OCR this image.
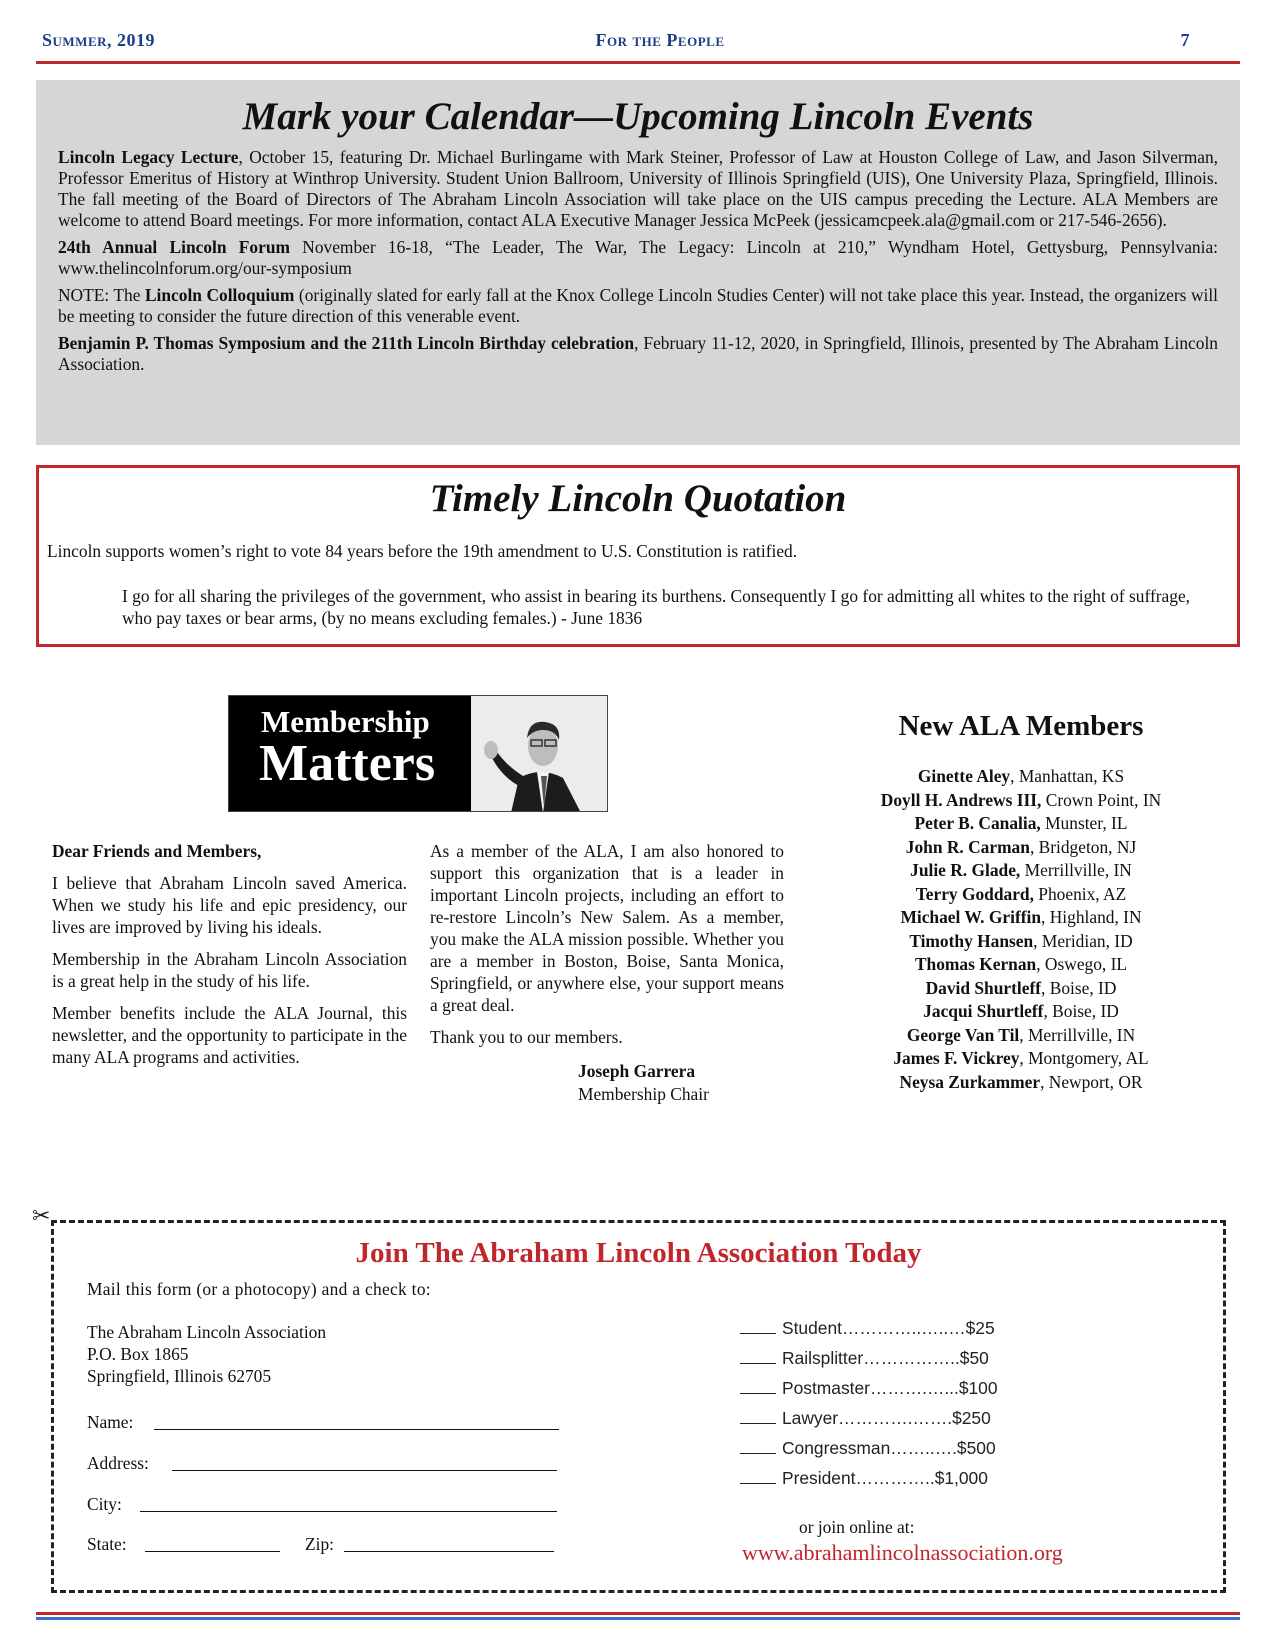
Summer, 2019	For the People	7
Mark your Calendar—Upcoming Lincoln Events

Lincoln Legacy Lecture, October 15, featuring Dr. Michael Burlingame with Mark Steiner, Professor of Law at Houston College of Law, and Jason Silverman, Professor Emeritus of History at Winthrop University. Student Union Ballroom, University of Illinois Springfield (UIS), One University Plaza, Springfield, Illinois. The fall meeting of the Board of Directors of The Abraham Lincoln Association will take place on the UIS campus preceding the Lecture. ALA Members are welcome to attend Board meetings. For more information, contact ALA Executive Manager Jessica McPeek (jessicamcpeek.ala@gmail.com or 217-546-2656).

24th Annual Lincoln Forum November 16-18, “The Leader, The War, The Legacy: Lincoln at 210,” Wyndham Hotel, Gettysburg, Pennsylvania: www.thelincolnforum.org/our-symposium

NOTE: The Lincoln Colloquium (originally slated for early fall at the Knox College Lincoln Studies Center) will not take place this year. Instead, the organizers will be meeting to consider the future direction of this venerable event.

Benjamin P. Thomas Symposium and the 211th Lincoln Birthday celebration, February 11-12, 2020, in Springfield, Illinois, presented by The Abraham Lincoln Association.

Timely Lincoln Quotation
Lincoln supports women’s right to vote 84 years before the 19th amendment to U.S. Constitution is ratified.
I go for all sharing the privileges of the government, who assist in bearing its burthens. Consequently I go for admitting all whites to the right of suffrage, who pay taxes or bear arms, (by no means excluding females.) - June 1836
Membership
Matters

Dear Friends and Members,

I believe that Abraham Lincoln saved America. When we study his life and epic presidency, our lives are improved by living his ideals.

Membership in the Abraham Lincoln Association is a great help in the study of his life.

Member benefits include the ALA Journal, this newsletter, and the opportunity to participate in the many ALA programs and activities.

As a member of the ALA, I am also honored to support this organization that is a leader in important Lincoln projects, including an effort to re-restore Lincoln’s New Salem. As a member, you make the ALA mission possible. Whether you are a member in Boston, Boise, Santa Monica, Springfield, or anywhere else, your support means a great deal.

Thank you to our members.

Joseph Garrera
Membership Chair
New ALA Members
Ginette Aley, Manhattan, KS
Doyll H. Andrews III, Crown Point, IN
Peter B. Canalia, Munster, IL
John R. Carman, Bridgeton, NJ
Julie R. Glade, Merrillville, IN
Terry Goddard, Phoenix, AZ
Michael W. Griffin, Highland, IN
Timothy Hansen, Meridian, ID
Thomas Kernan, Oswego, IL
David Shurtleff, Boise, ID
Jacqui Shurtleff, Boise, ID
George Van Til, Merrillville, IN
James F. Vickrey, Montgomery, AL
Neysa Zurkammer, Newport, OR
✂
Join The Abraham Lincoln Association Today
Mail this form (or a photocopy) and a check to:
The Abraham Lincoln Association
P.O. Box 1865
Springfield, Illinois 62705
Name:
Address:
City:
State:	Zip:
Student…………..…..…$25
Railsplitter……………..$50
Postmaster……….…...$100
Lawyer………….…….$250
Congressman……..….$500
President…………..$1,000
or join online at:
www.abrahamlincolnassociation.org
